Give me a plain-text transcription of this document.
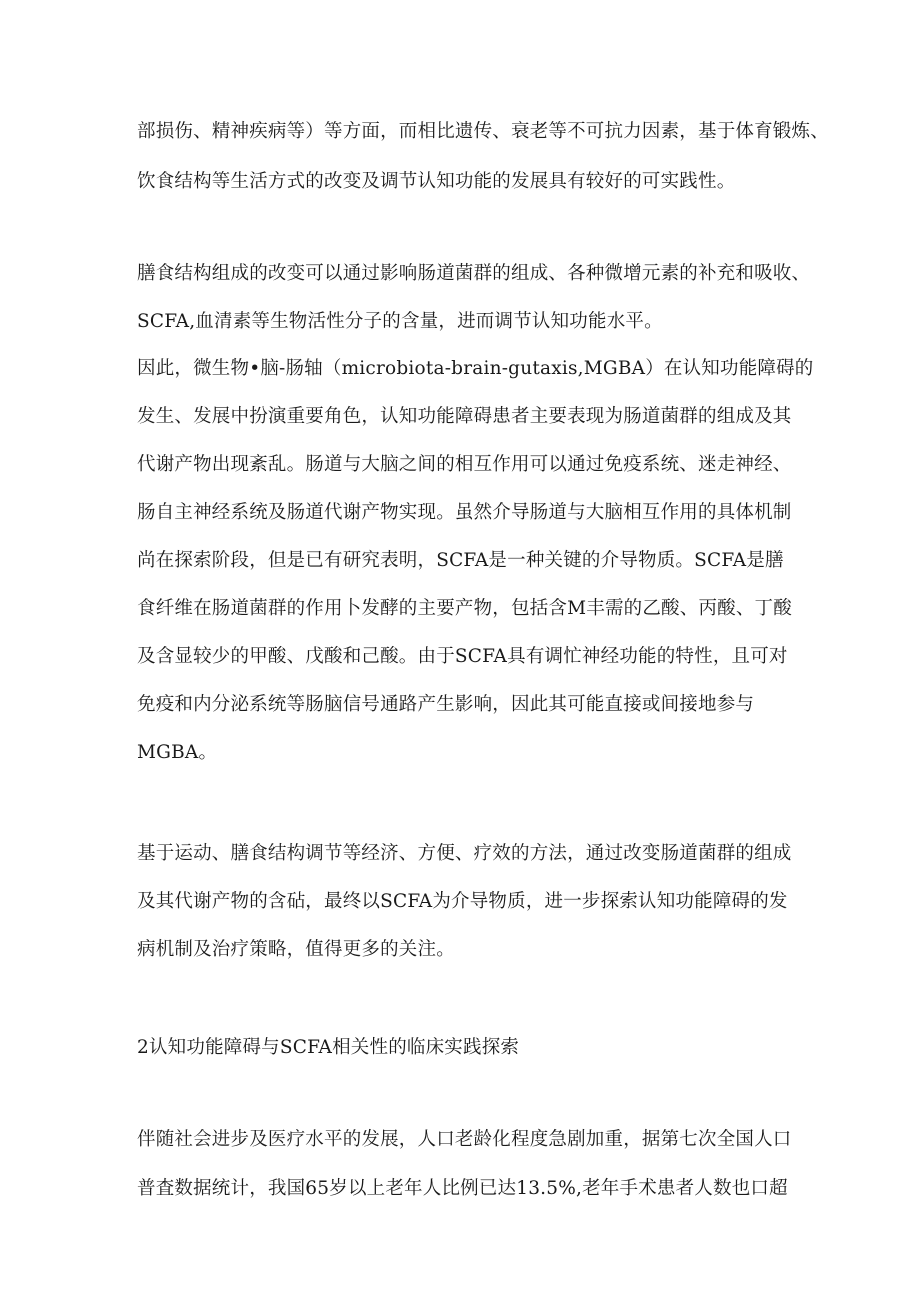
部损伤、精神疾病等）等方面，而相比遗传、衰老等不可抗力因素，基于体育锻炼、
饮食结构等生活方式的改变及调节认知功能的发展具有较好的可实践性。
膳食结构组成的改变可以通过影响肠道菌群的组成、各种微增元素的补充和吸收、
SCFA,血清素等生物活性分子的含量，进而调节认知功能水平。
因此，微生物•脑-肠轴（microbiota-brain-gutaxis,MGBA）在认知功能障碍的
发生、发展中扮演重要角色，认知功能障碍患者主要表现为肠道菌群的组成及其
代谢产物出现紊乱。肠道与大脑之间的相互作用可以通过免疫系统、迷走神经、
肠自主神经系统及肠道代谢产物实现。虽然介导肠道与大脑相互作用的具体机制
尚在探索阶段，但是已有研究表明，SCFA是一种关键的介导物质。SCFA是膳
食纤维在肠道菌群的作用卜发酵的主要产物，包括含M丰需的乙酸、丙酸、丁酸
及含显较少的甲酸、戊酸和己酸。由于SCFA具有调忙神经功能的特性，且可对
免疫和内分泌系统等肠脑信号通路产生影响，因此其可能直接或间接地参与
MGBA。
基于运动、膳食结构调节等经济、方便、疗效的方法，通过改变肠道菌群的组成
及其代谢产物的含砧，最终以SCFA为介导物质，进一步探索认知功能障碍的发
病机制及治疗策略，值得更多的关注。
2认知功能障碍与SCFA相关性的临床实践探索
伴随社会进步及医疗水平的发展，人口老龄化程度急剧加重，据第七次全国人口
普査数据统计，我国65岁以上老年人比例已达13.5%,老年手术患者人数也口超
